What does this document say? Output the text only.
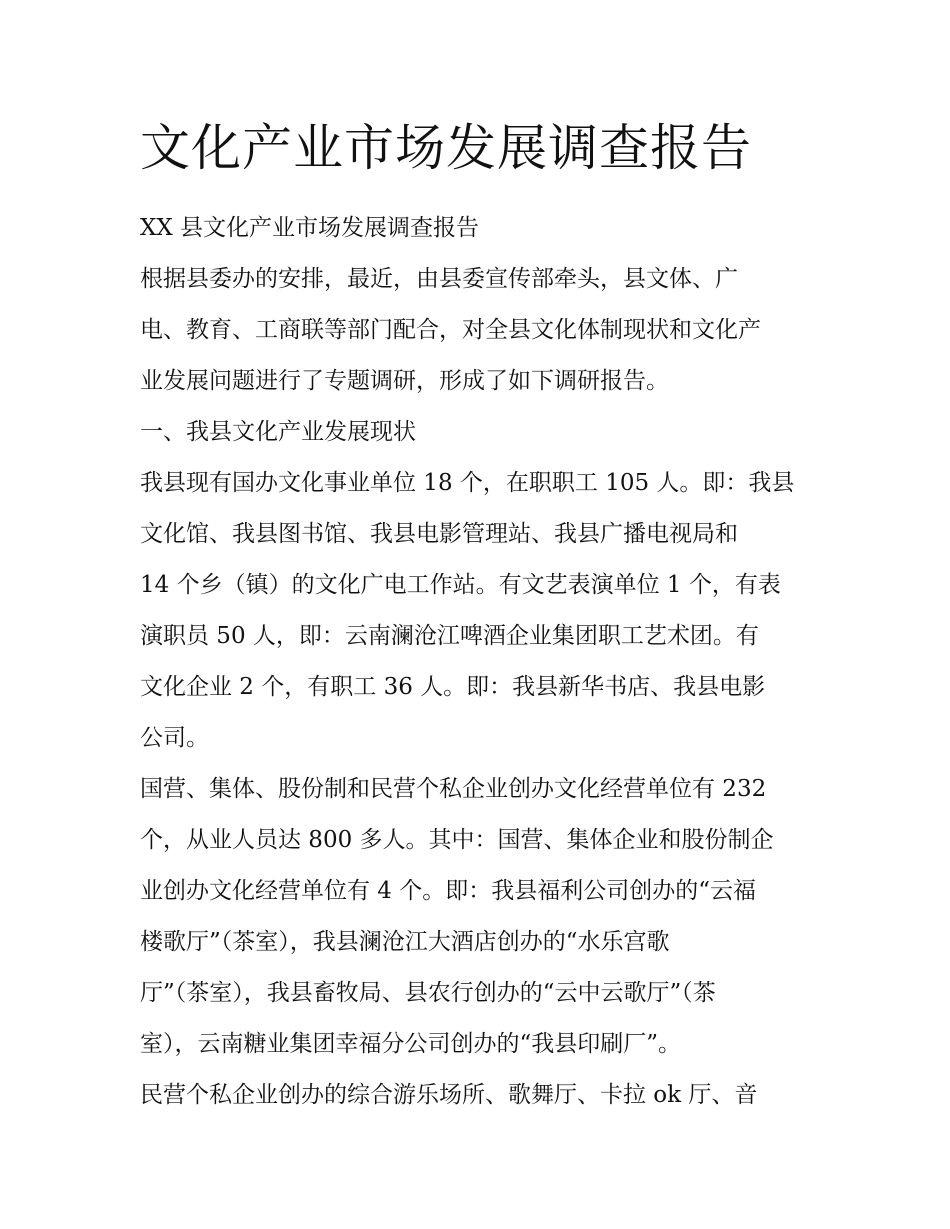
文化产业市场发展调查报告

XX 县文化产业市场发展调查报告

根据县委办的安排，最近，由县委宣传部牵头，县文体、广
电、教育、工商联等部门配合，对全县文化体制现状和文化产
业发展问题进行了专题调研，形成了如下调研报告。

一、我县文化产业发展现状

我县现有国办文化事业单位 18 个，在职职工 105 人。即：我县
文化馆、我县图书馆、我县电影管理站、我县广播电视局和
14 个乡（镇）的文化广电工作站。有文艺表演单位 1 个，有表
演职员 50 人，即：云南澜沧江啤酒企业集团职工艺术团。有
文化企业 2 个，有职工 36 人。即：我县新华书店、我县电影
公司。

国营、集体、股份制和民营个私企业创办文化经营单位有 232
个，从业人员达 800 多人。其中：国营、集体企业和股份制企
业创办文化经营单位有 4 个。即：我县福利公司创办的“云福
楼歌厅”（茶室），我县澜沧江大酒店创办的“水乐宫歌
厅”（茶室），我县畜牧局、县农行创办的“云中云歌厅”（茶
室），云南糖业集团幸福分公司创办的“我县印刷厂”。

民营个私企业创办的综合游乐场所、歌舞厅、卡拉 ok 厅、音
